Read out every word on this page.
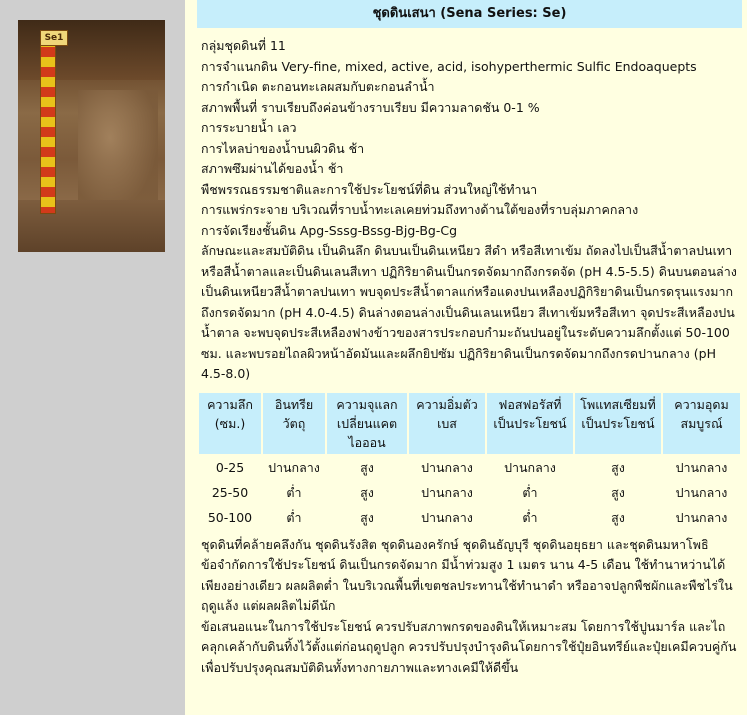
Se1
ชุดดินเสนา (Sena Series: Se)

กลุ่มชุดดินที่ 11

การจำแนกดิน Very-fine, mixed, active, acid, isohyperthermic Sulfic Endoaquepts

การกำเนิด ตะกอนทะเลผสมกับตะกอนลำน้ำ

สภาพพื้นที่ ราบเรียบถึงค่อนข้างราบเรียบ มีความลาดชัน 0-1 %

การระบายน้ำ เลว

การไหลบ่าของน้ำบนผิวดิน ช้า

สภาพซึมผ่านได้ของน้ำ ช้า

พืชพรรณธรรมชาติและการใช้ประโยชน์ที่ดิน ส่วนใหญ่ใช้ทำนา

การแพร่กระจาย บริเวณที่ราบน้ำทะเลเคยท่วมถึงทางด้านใต้ของที่ราบลุ่มภาคกลาง

การจัดเรียงชั้นดิน Apg-Sssg-Bssg-Bjg-Bg-Cg

ลักษณะและสมบัติดิน เป็นดินลึก ดินบนเป็นดินเหนียว สีดำ หรือสีเทาเข้ม ถัดลงไปเป็นสีน้ำตาลปนเทาหรือสีน้ำตาลและเป็นดินเลนสีเทา ปฏิกิริยาดินเป็นกรดจัดมากถึงกรดจัด (pH 4.5-5.5) ดินบนตอนล่าง เป็นดินเหนียวสีน้ำตาลปนเทา พบจุดประสีน้ำตาลแก่หรือแดงปนเหลืองปฏิกิริยาดินเป็นกรดรุนแรงมากถึงกรดจัดมาก (pH 4.0-4.5) ดินล่างตอนล่างเป็นดินเลนเหนียว สีเทาเข้มหรือสีเทา จุดประสีเหลืองปนน้ำตาล จะพบจุดประสีเหลืองฟางข้าวของสารประกอบกำมะถันปนอยู่ในระดับความลึกตั้งแต่ 50-100 ซม. และพบรอยไถลผิวหน้าอัดมันและผลึกยิปซัม ปฏิกิริยาดินเป็นกรดจัดมากถึงกรดปานกลาง (pH 4.5-8.0)

ความลึก (ซม.)	อินทรียวัตถุ	ความจุแลกเปลี่ยนแคตไอออน	ความอิ่มตัวเบส	ฟอสฟอรัสที่เป็นประโยชน์	โพแทสเซียมที่เป็นประโยชน์	ความอุดมสมบูรณ์
0-25	ปานกลาง	สูง	ปานกลาง	ปานกลาง	สูง	ปานกลาง
25-50	ต่ำ	สูง	ปานกลาง	ต่ำ	สูง	ปานกลาง
50-100	ต่ำ	สูง	ปานกลาง	ต่ำ	สูง	ปานกลาง

ชุดดินที่คล้ายคลึงกัน ชุดดินรังสิต ชุดดินองครักษ์ ชุดดินธัญบุรี ชุดดินอยุธยา และชุดดินมหาโพธิ

ข้อจำกัดการใช้ประโยชน์ ดินเป็นกรดจัดมาก มีน้ำท่วมสูง 1 เมตร นาน 4-5 เดือน ใช้ทำนาหว่านได้เพียงอย่างเดียว ผลผลิตต่ำ ในบริเวณพื้นที่เขตชลประทานใช้ทำนาดำ หรืออาจปลูกพืชผักและพืชไร่ในฤดูแล้ง แต่ผลผลิตไม่ดีนัก

ข้อเสนอแนะในการใช้ประโยชน์ ควรปรับสภาพกรดของดินให้เหมาะสม โดยการใช้ปูนมาร์ล และไถคลุกเคล้ากับดินทิ้งไว้ตั้งแต่ก่อนฤดูปลูก ควรปรับปรุงบำรุงดินโดยการใช้ปุ๋ยอินทรีย์และปุ๋ยเคมีควบคู่กันเพื่อปรับปรุงคุณสมบัติดินทั้งทางกายภาพและทางเคมีให้ดีขึ้น
